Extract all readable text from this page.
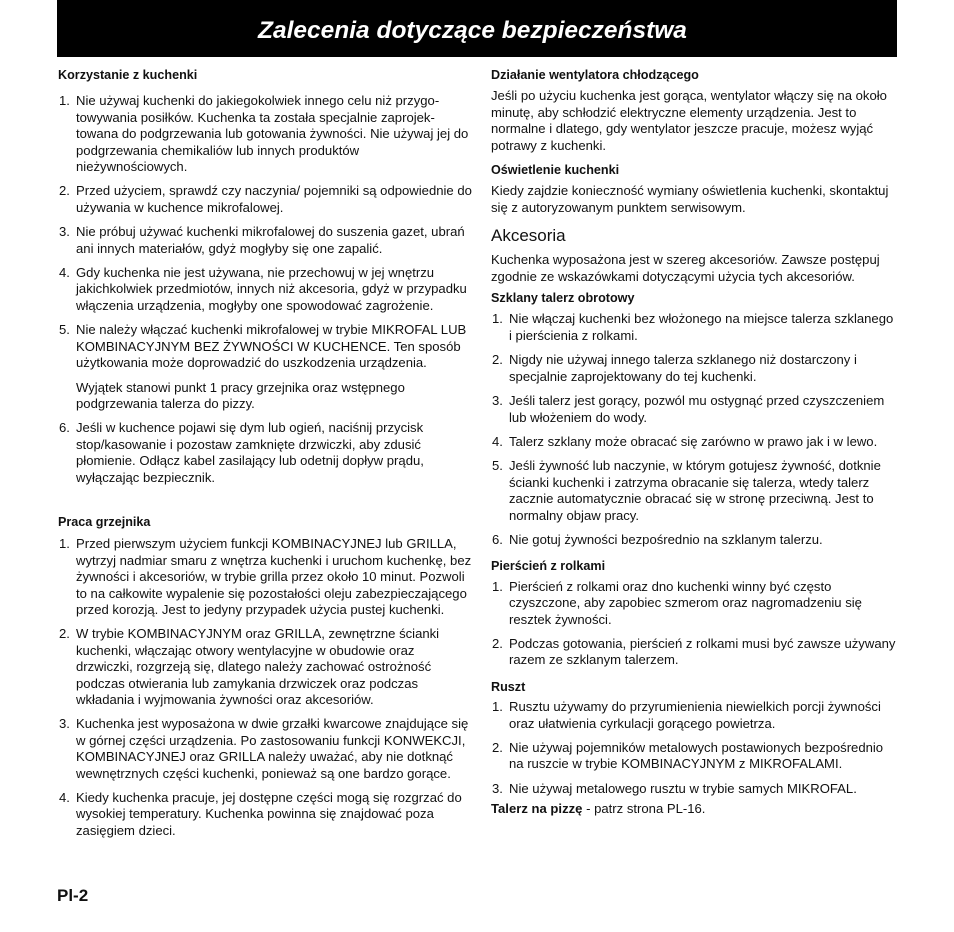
Zalecenia dotyczące bezpieczeństwa
Korzystanie z kuchenki
1. Nie używaj kuchenki do jakiegokolwiek innego celu niż przygo-towywania posiłków. Kuchenka ta została specjalnie zaprojek-towana do podgrzewania lub gotowania żywności. Nie używaj jej do podgrzewania chemikaliów lub innych produktów nieżywnościowych.
2. Przed użyciem, sprawdź czy naczynia/ pojemniki są odpowiednie do używania w kuchence mikrofalowej.
3. Nie próbuj używać kuchenki mikrofalowej do suszenia gazet, ubrań ani innych materiałów, gdyż mogłyby się one zapalić.
4. Gdy kuchenka nie jest używana, nie przechowuj w jej wnętrzu jakichkolwiek przedmiotów, innych niż akcesoria, gdyż w przypadku włączenia urządzenia, mogłyby one spowodować zagrożenie.
5. Nie należy włączać kuchenki mikrofalowej w trybie MIKROFAL LUB KOMBINACYJNYM BEZ ŻYWNOŚCI W KUCHENCE. Ten sposób użytkowania może doprowadzić do uszkodzenia urządzenia.
Wyjątek stanowi punkt 1 pracy grzejnika oraz wstępnego podgrzewania talerza do pizzy.
6. Jeśli w kuchence pojawi się dym lub ogień, naciśnij przycisk stop/kasowanie i pozostaw zamknięte drzwiczki, aby zdusić płomienie. Odłącz kabel zasilający lub odetnij dopływ prądu, wyłączając bezpiecznik.
Praca grzejnika
1. Przed pierwszym użyciem funkcji KOMBINACYJNEJ lub GRILLA, wytrzyj nadmiar smaru z wnętrza kuchenki i uruchom kuchenkę, bez żywności i akcesoriów, w trybie grilla przez około 10 minut. Pozwoli to na całkowite wypalenie się pozostałości oleju zabezpieczającego przed korozją. Jest to jedyny przypadek użycia pustej kuchenki.
2. W trybie KOMBINACYJNYM oraz GRILLA, zewnętrzne ścianki kuchenki, włączając otwory wentylacyjne w obudowie oraz drzwiczki, rozgrzeją się, dlatego należy zachować ostrożność podczas otwierania lub zamykania drzwiczek oraz podczas wkładania i wyjmowania żywności oraz akcesoriów.
3. Kuchenka jest wyposażona w dwie grzałki kwarcowe znajdujące się w górnej części urządzenia. Po zastosowaniu funkcji KONWEKCJI, KOMBINACYJNEJ oraz GRILLA należy uważać, aby nie dotknąć wewnętrznych części kuchenki, ponieważ są one bardzo gorące.
4. Kiedy kuchenka pracuje, jej dostępne części mogą się rozgrzać do wysokiej temperatury. Kuchenka powinna się znajdować poza zasięgiem dzieci.
Działanie wentylatora chłodzącego
Jeśli po użyciu kuchenka jest gorąca, wentylator włączy się na około minutę, aby schłodzić elektryczne elementy urządzenia. Jest to normalne i dlatego, gdy wentylator jeszcze pracuje, możesz wyjąć potrawy z kuchenki.
Oświetlenie kuchenki
Kiedy zajdzie konieczność wymiany oświetlenia kuchenki, skontaktuj się z autoryzowanym punktem serwisowym.
Akcesoria
Kuchenka wyposażona jest w szereg akcesoriów. Zawsze postępuj zgodnie ze wskazówkami dotyczącymi użycia tych akcesoriów.
Szklany talerz obrotowy
1. Nie włączaj kuchenki bez włożonego na miejsce talerza szklanego i pierścienia z rolkami.
2. Nigdy nie używaj innego talerza szklanego niż dostarczony i specjalnie zaprojektowany do tej kuchenki.
3. Jeśli talerz jest gorący, pozwól mu ostygnąć przed czyszczeniem lub włożeniem do wody.
4. Talerz szklany może obracać się zarówno w prawo jak i w lewo.
5. Jeśli żywność lub naczynie, w którym gotujesz żywność, dotknie ścianki kuchenki i zatrzyma obracanie się talerza, wtedy talerz zacznie automatycznie obracać się w stronę przeciwną. Jest to normalny objaw pracy.
6. Nie gotuj żywności bezpośrednio na szklanym talerzu.
Pierścień z rolkami
1. Pierścień z rolkami oraz dno kuchenki winny być często czyszczone, aby zapobiec szmerom oraz nagromadzeniu się resztek żywności.
2. Podczas gotowania, pierścień z rolkami musi być zawsze używany razem ze szklanym talerzem.
Ruszt
1. Rusztu używamy do przyrumienienia niewielkich porcji żywności oraz ułatwienia cyrkulacji gorącego powietrza.
2. Nie używaj pojemników metalowych postawionych bezpośrednio na ruszcie w trybie KOMBINACYJNYM z MIKROFALAMI.
3. Nie używaj metalowego rusztu w trybie samych MIKROFAL.
Talerz na pizzę - patrz strona PL-16.
Pl-2
